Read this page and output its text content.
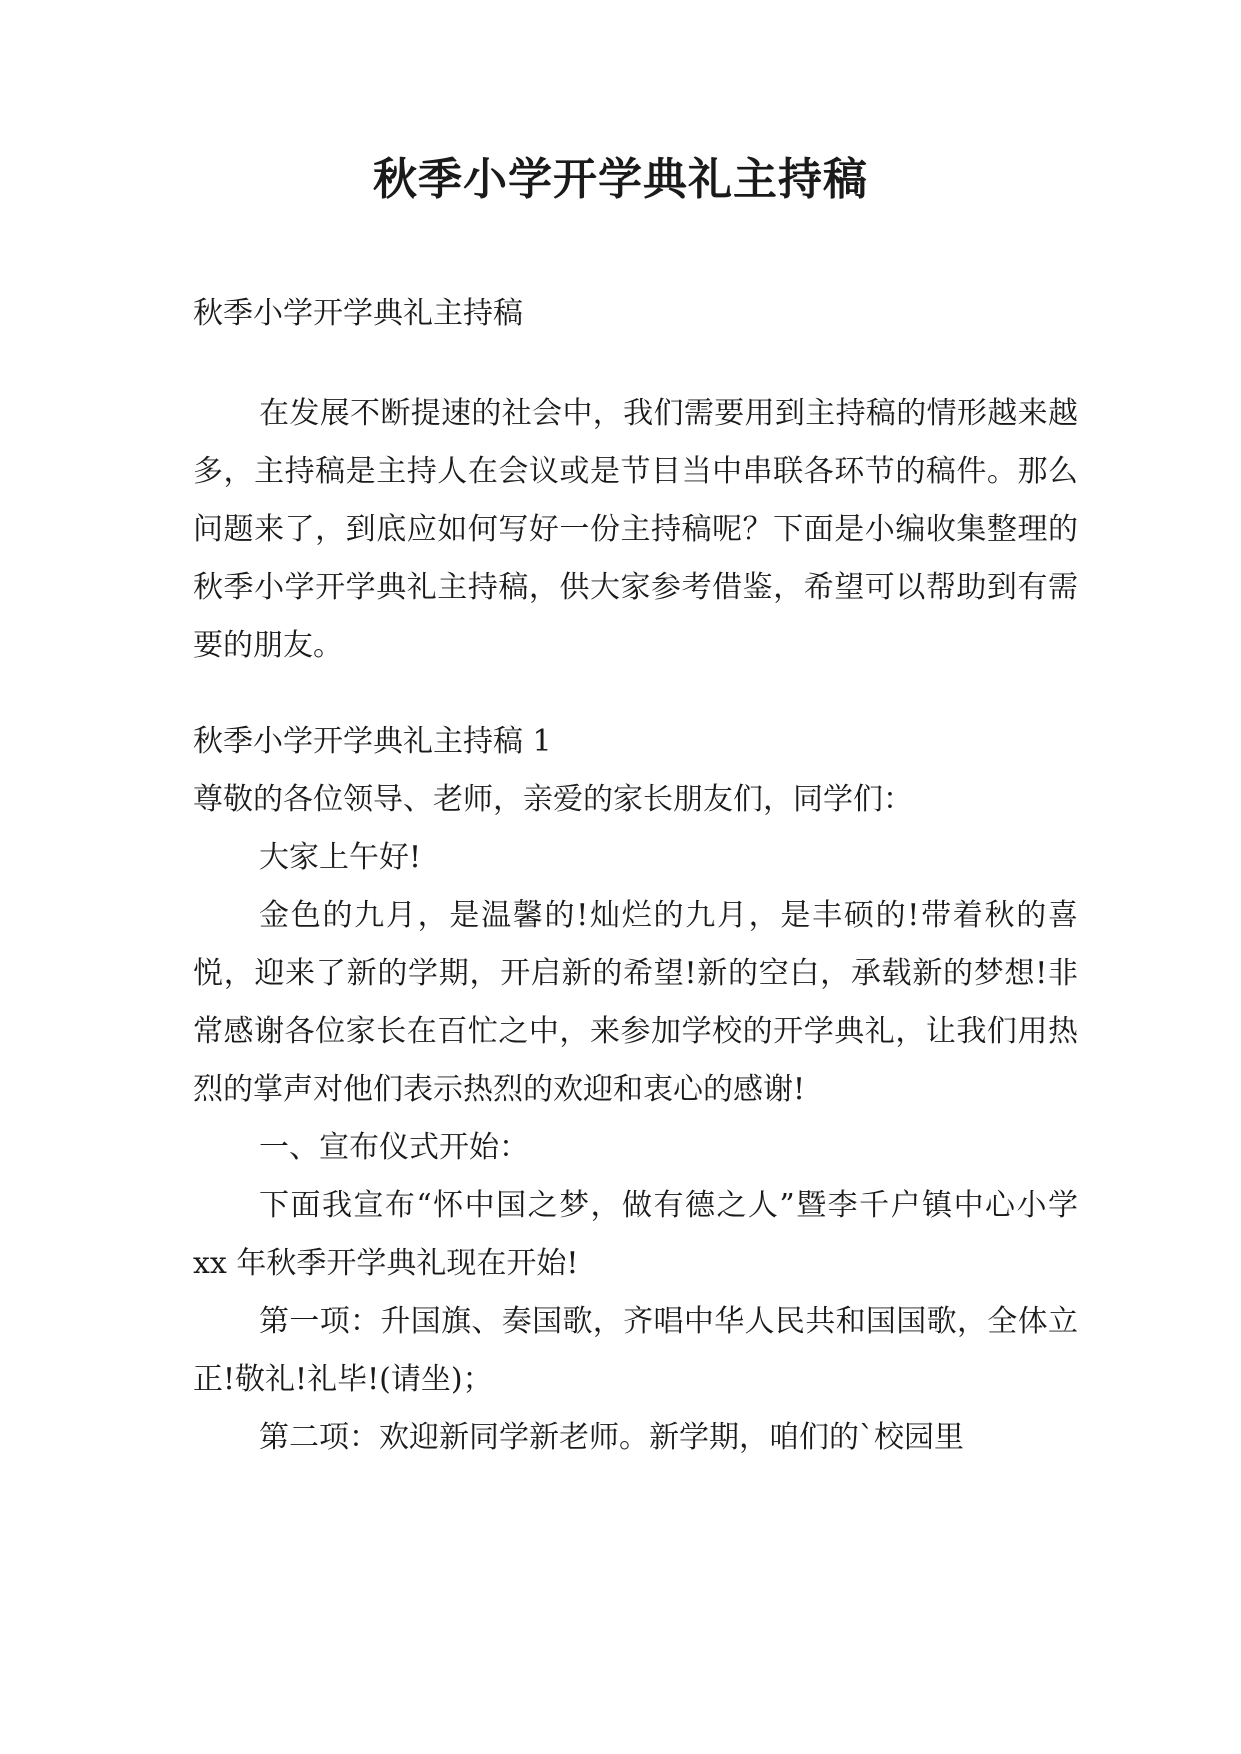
秋季小学开学典礼主持稿

秋季小学开学典礼主持稿

在发展不断提速的社会中，我们需要用到主持稿的情形越来越多，主持稿是主持人在会议或是节目当中串联各环节的稿件。那么问题来了，到底应如何写好一份主持稿呢？下面是小编收集整理的秋季小学开学典礼主持稿，供大家参考借鉴，希望可以帮助到有需要的朋友。

秋季小学开学典礼主持稿 1

尊敬的各位领导、老师，亲爱的家长朋友们，同学们：

大家上午好!

金色的九月，是温馨的!灿烂的九月，是丰硕的!带着秋的喜悦，迎来了新的学期，开启新的希望!新的空白，承载新的梦想!非常感谢各位家长在百忙之中，来参加学校的开学典礼，让我们用热烈的掌声对他们表示热烈的欢迎和衷心的感谢!

一、宣布仪式开始：

下面我宣布“怀中国之梦，做有德之人”暨李千户镇中心小学 xx 年秋季开学典礼现在开始!

第一项：升国旗、奏国歌，齐唱中华人民共和国国歌，全体立正!敬礼!礼毕!(请坐)；

第二项：欢迎新同学新老师。新学期，咱们的`校园里
